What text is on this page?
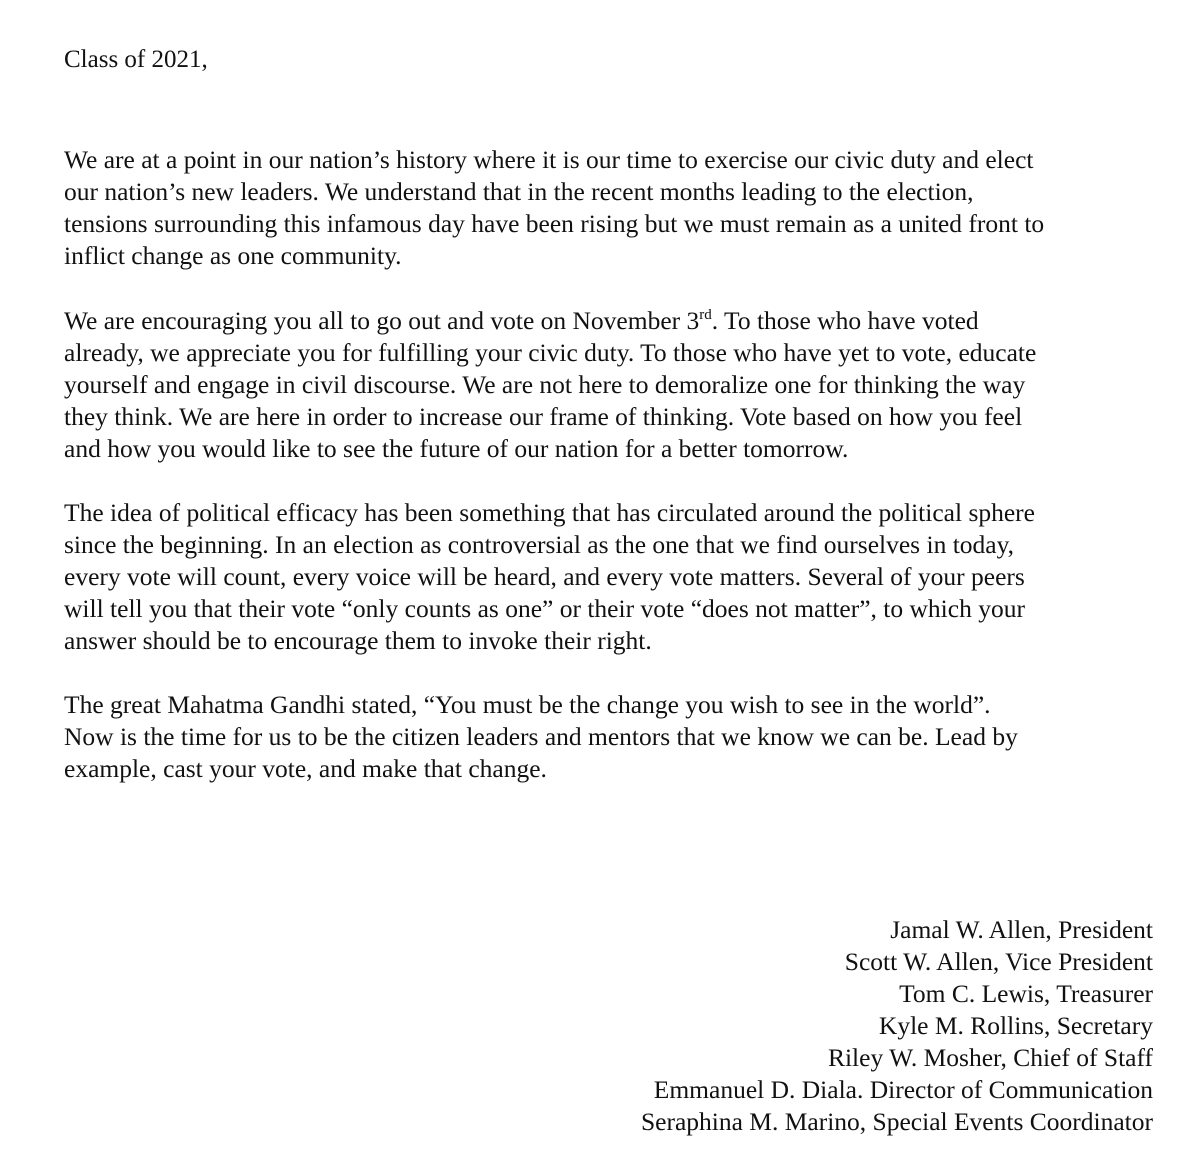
Class of 2021,

We are at a point in our nation’s history where it is our time to exercise our civic duty and elect
our nation’s new leaders. We understand that in the recent months leading to the election,
tensions surrounding this infamous day have been rising but we must remain as a united front to
inflict change as one community.

We are encouraging you all to go out and vote on November 3rd. To those who have voted
already, we appreciate you for fulfilling your civic duty. To those who have yet to vote, educate
yourself and engage in civil discourse. We are not here to demoralize one for thinking the way
they think. We are here in order to increase our frame of thinking. Vote based on how you feel
and how you would like to see the future of our nation for a better tomorrow.

The idea of political efficacy has been something that has circulated around the political sphere
since the beginning. In an election as controversial as the one that we find ourselves in today,
every vote will count, every voice will be heard, and every vote matters. Several of your peers
will tell you that their vote “only counts as one” or their vote “does not matter”, to which your
answer should be to encourage them to invoke their right.

The great Mahatma Gandhi stated, “You must be the change you wish to see in the world”.
Now is the time for us to be the citizen leaders and mentors that we know we can be. Lead by
example, cast your vote, and make that change.

Jamal W. Allen, President
Scott W. Allen, Vice President
Tom C. Lewis, Treasurer
Kyle M. Rollins, Secretary
Riley W. Mosher, Chief of Staff
Emmanuel D. Diala. Director of Communication
Seraphina M. Marino, Special Events Coordinator
